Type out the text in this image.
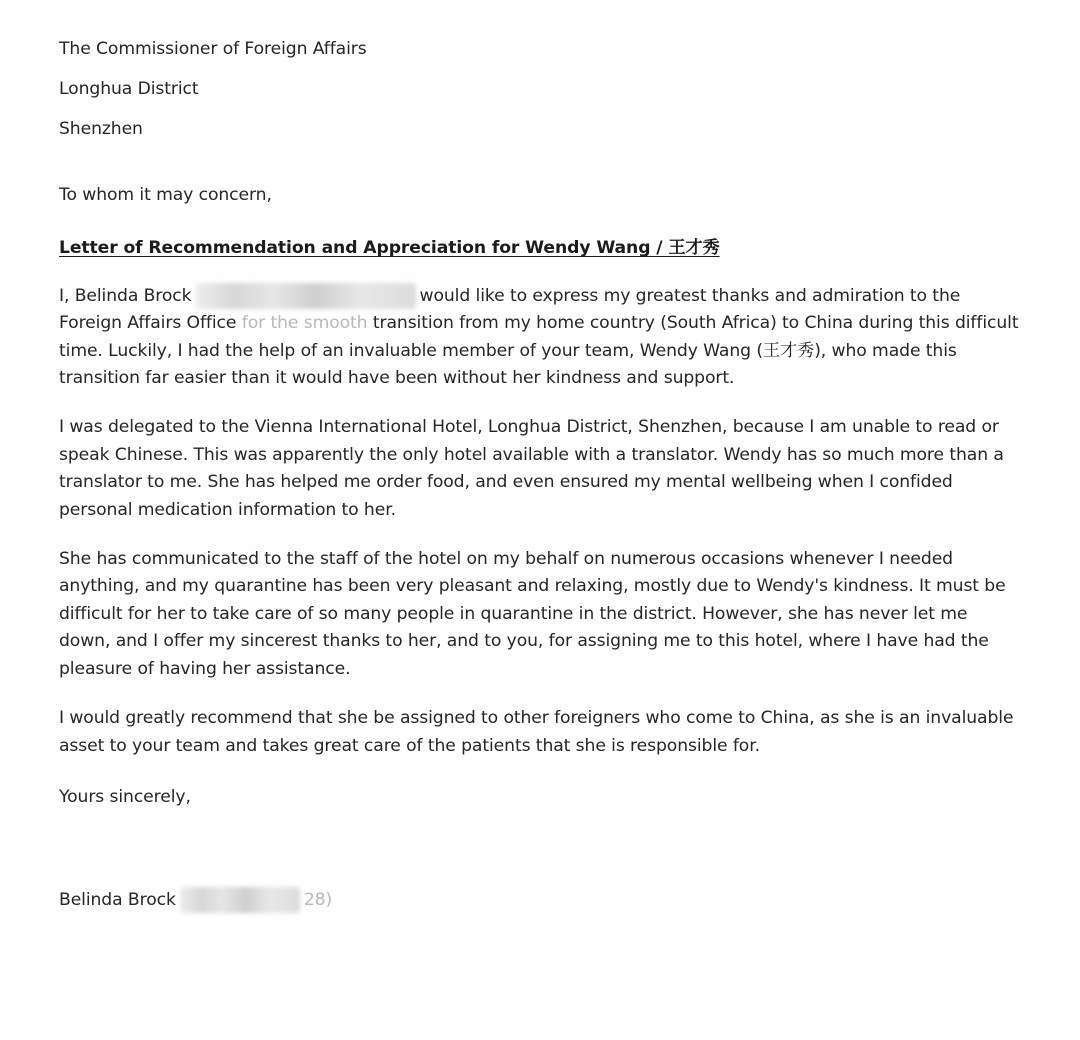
The Commissioner of Foreign Affairs

Longhua District

Shenzhen

To whom it may concern,

Letter of Recommendation and Appreciation for Wendy Wang / 王才秀

I, Belinda Brock	would like to express my greatest thanks and admiration to the Foreign Affairs Office for the smooth transition from my home country (South Africa) to China during this difficult time. Luckily, I had the help of an invaluable member of your team, Wendy Wang (王才秀), who made this transition far easier than it would have been without her kindness and support.

I was delegated to the Vienna International Hotel, Longhua District, Shenzhen, because I am unable to read or speak Chinese. This was apparently the only hotel available with a translator. Wendy has so much more than a translator to me. She has helped me order food, and even ensured my mental wellbeing when I confided personal medication information to her.

She has communicated to the staff of the hotel on my behalf on numerous occasions whenever I needed anything, and my quarantine has been very pleasant and relaxing, mostly due to Wendy's kindness. It must be difficult for her to take care of so many people in quarantine in the district. However, she has never let me down, and I offer my sincerest thanks to her, and to you, for assigning me to this hotel, where I have had the pleasure of having her assistance.

I would greatly recommend that she be assigned to other foreigners who come to China, as she is an invaluable asset to your team and takes great care of the patients that she is responsible for.

Yours sincerely,

Belinda Brock	28)
